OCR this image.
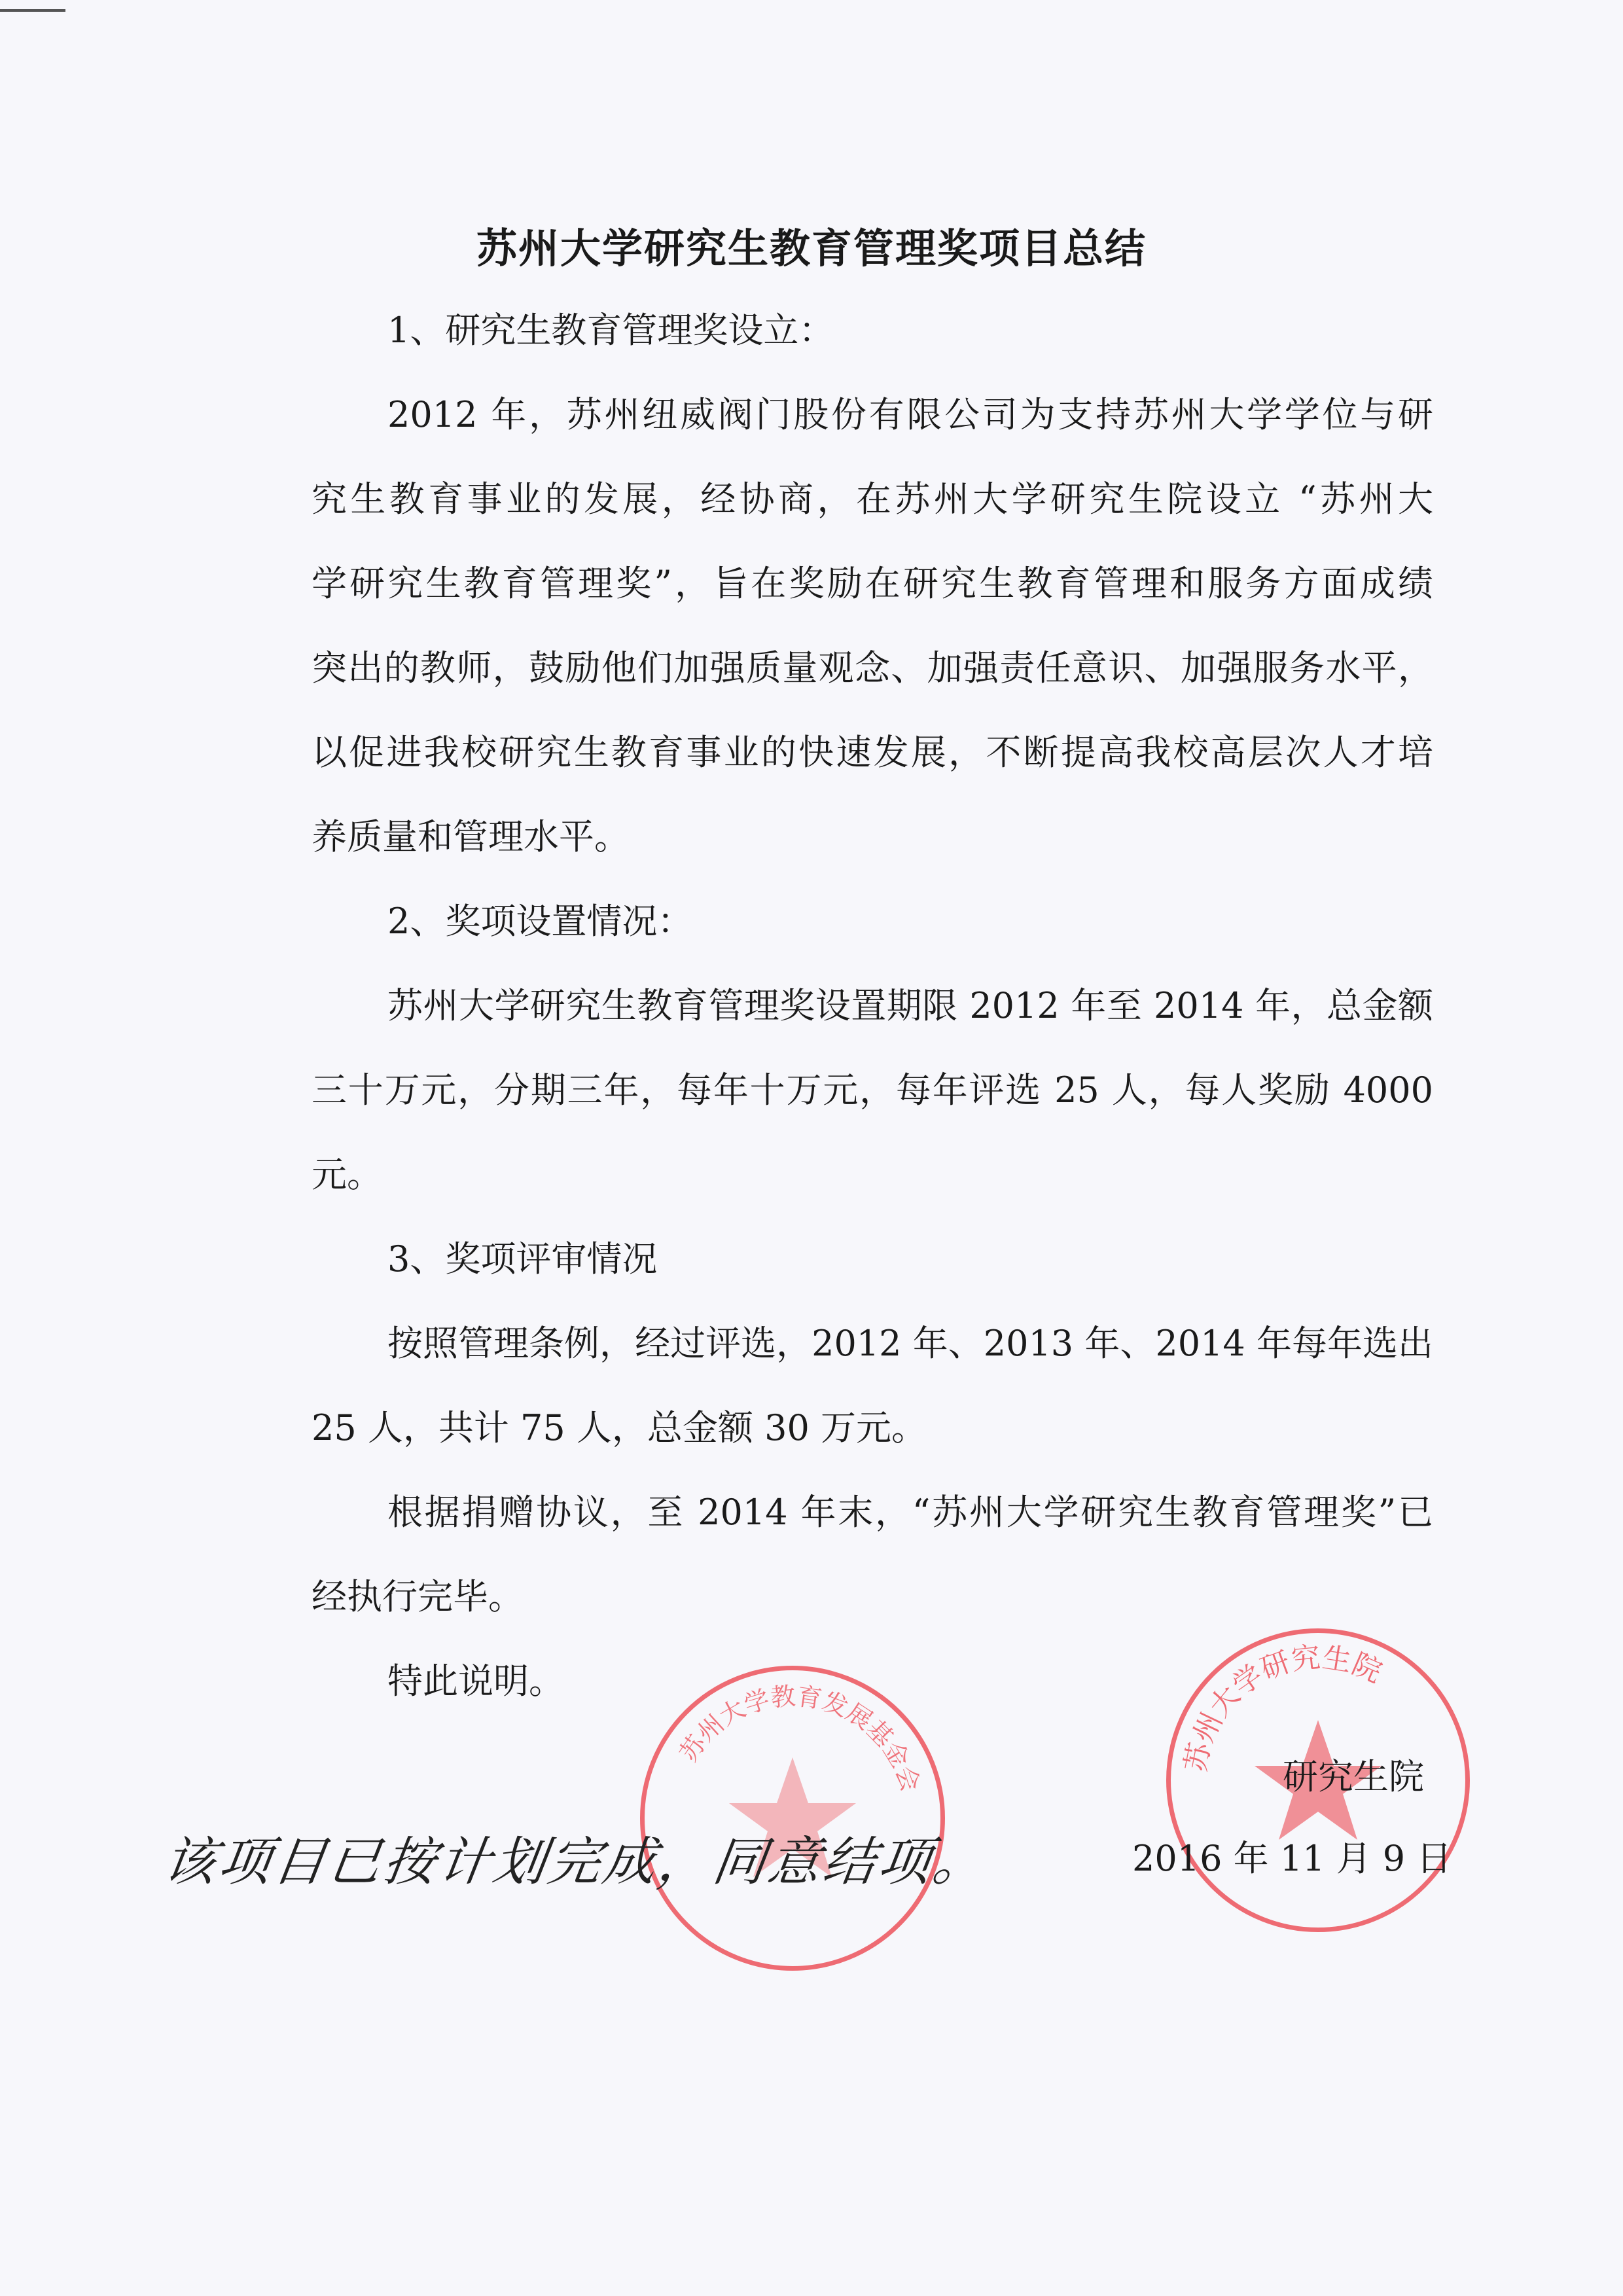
苏州大学研究生教育管理奖项目总结
1、研究生教育管理奖设立：
2012 年，苏州纽威阀门股份有限公司为支持苏州大学学位与研
究生教育事业的发展，经协商，在苏州大学研究生院设立 “苏州大
学研究生教育管理奖”，旨在奖励在研究生教育管理和服务方面成绩
突出的教师，鼓励他们加强质量观念、加强责任意识、加强服务水平，
以促进我校研究生教育事业的快速发展，不断提高我校高层次人才培
养质量和管理水平。
2、奖项设置情况：
苏州大学研究生教育管理奖设置期限 2012 年至 2014 年，总金额
三十万元，分期三年，每年十万元，每年评选 25 人，每人奖励 4000
元。
3、奖项评审情况
按照管理条例，经过评选，2012 年、2013 年、2014 年每年选出
25 人，共计 75 人，总金额 30 万元。
根据捐赠协议，至 2014 年末，“苏州大学研究生教育管理奖”已
经执行完毕。
特此说明。
苏州大学教育发展基金会
苏州大学研究生院
研究生院
该项目已按计划完成，同意结项。	2016 年 11 月 9 日
